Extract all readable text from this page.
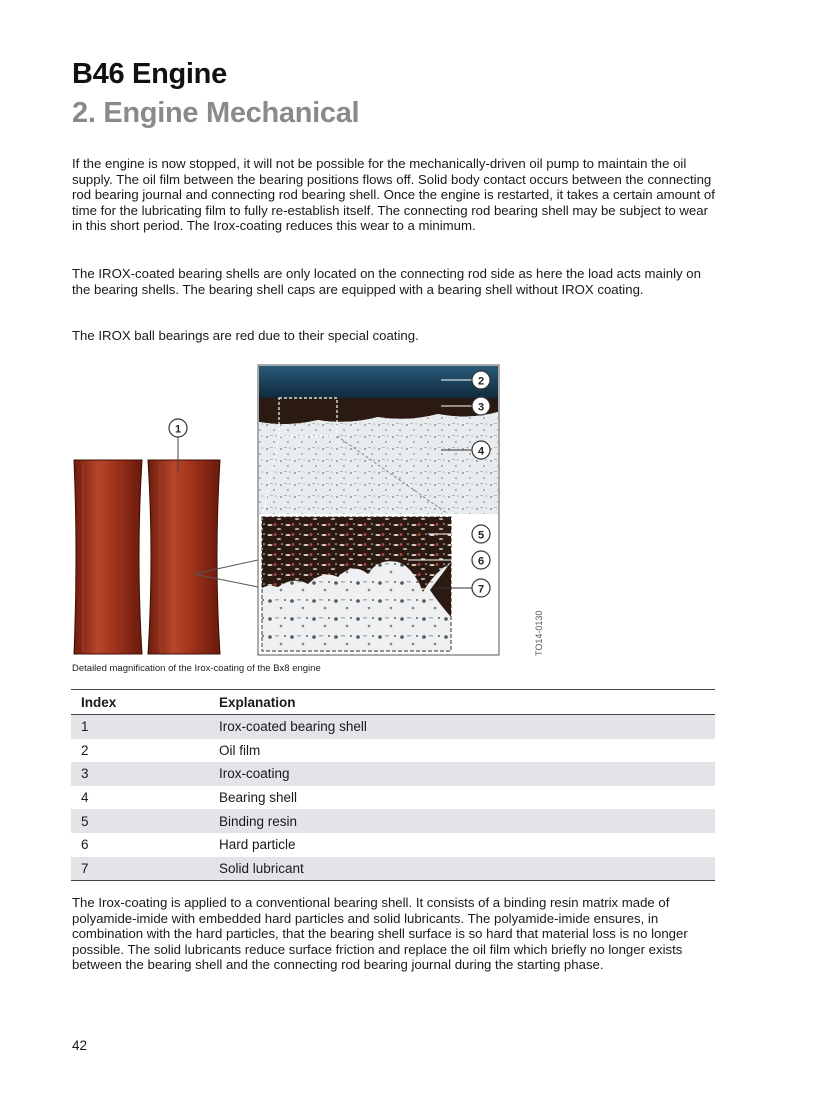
B46 Engine
2. Engine Mechanical

If the engine is now stopped, it will not be possible for the mechanically-driven oil pump to maintain the oil supply. The oil film between the bearing positions flows off. Solid body contact occurs between the connecting rod bearing journal and connecting rod bearing shell. Once the engine is restarted, it takes a certain amount of time for the lubricating film to fully re-establish itself. The connecting rod bearing shell may be subject to wear in this short period. The Irox-coating reduces this wear to a minimum.

The IROX-coated bearing shells are only located on the connecting rod side as here the load acts mainly on the bearing shells. The bearing shell caps are equipped with a bearing shell without IROX coating.

The IROX ball bearings are red due to their special coating.

1
2
3
4
5
6
7
TO14-0130
Detailed magnification of the Irox-coating of the Bx8 engine
Index	Explanation
1	Irox-coated bearing shell
2	Oil film
3	Irox-coating
4	Bearing shell
5	Binding resin
6	Hard particle
7	Solid lubricant

The Irox-coating is applied to a conventional bearing shell. It consists of a binding resin matrix made of polyamide-imide with embedded hard particles and solid lubricants. The polyamide-imide ensures, in combination with the hard particles, that the bearing shell surface is so hard that material loss is no longer possible. The solid lubricants reduce surface friction and replace the oil film which briefly no longer exists between the bearing shell and the connecting rod bearing journal during the starting phase.

42
